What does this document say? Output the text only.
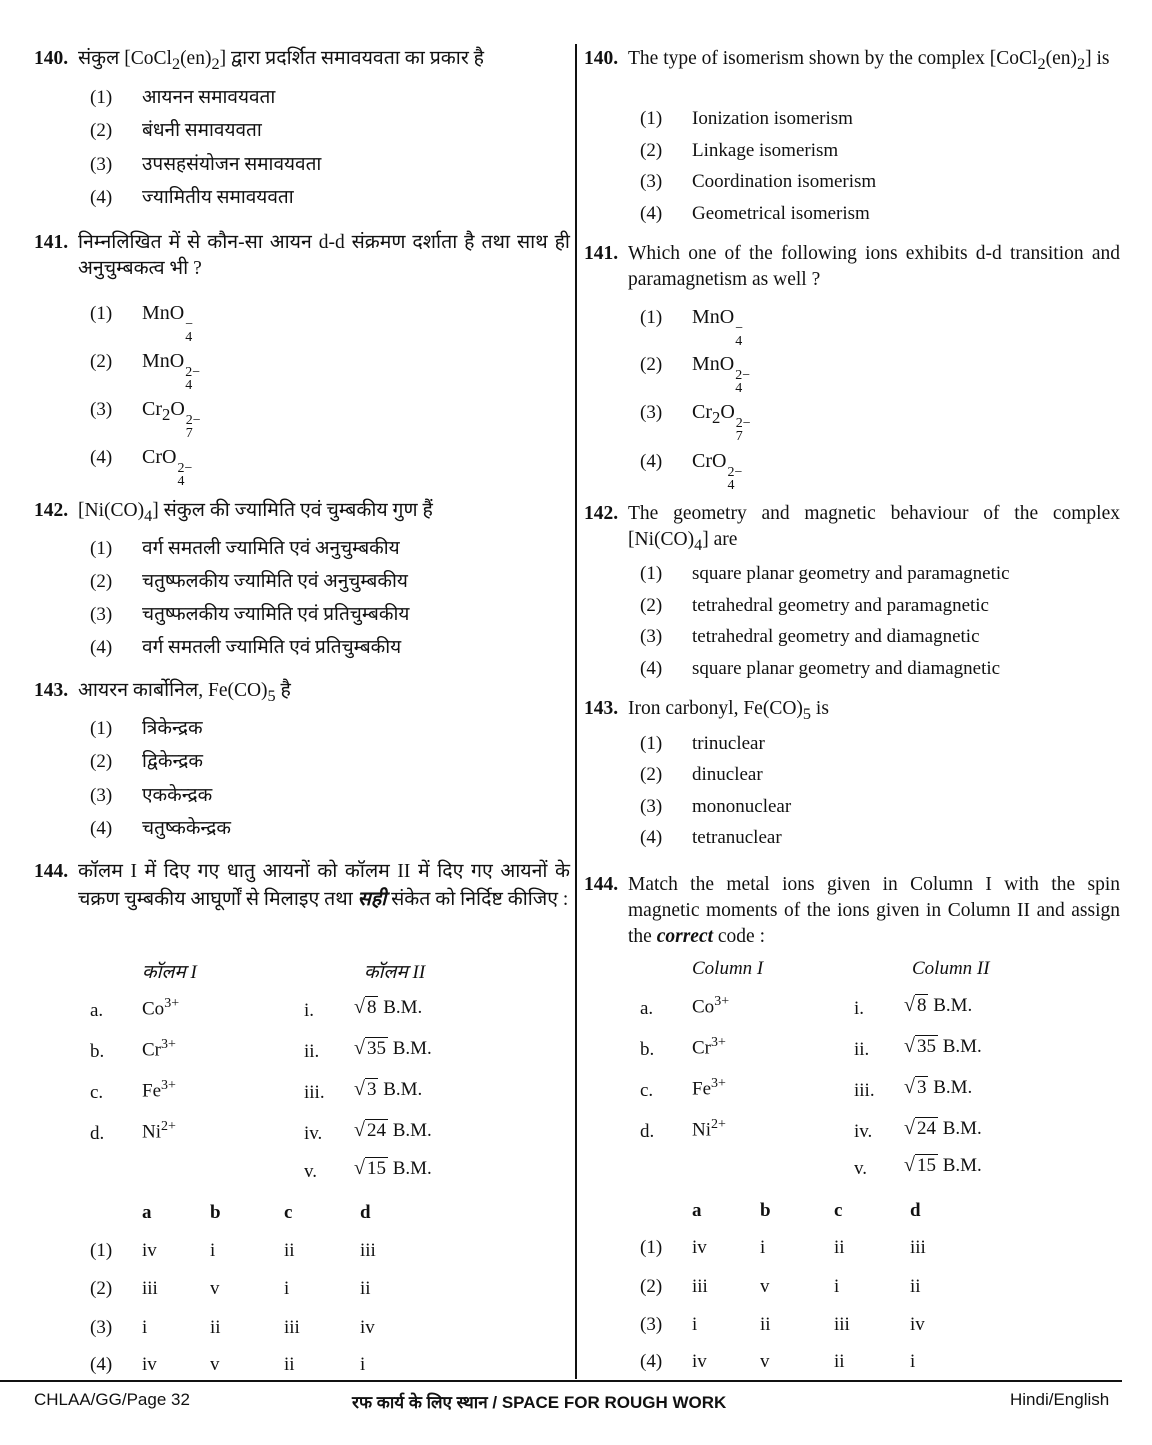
140. संकुल $[CoCl_2(en)_2]$ द्वारा प्रदर्शित समावयवता का प्रकार है
(1)	आयनन समावयवता
(2)	बंधनी समावयवता
(3)	उपसहसंयोजन समावयवता
(4)	ज्यामितीय समावयवता
141. निम्नलिखित में से कौन-सा आयन d-d संक्रमण दर्शाता है तथा साथ ही अनुचुम्बकत्व भी ?
(1)	MnO
−
4
(2)	MnO
2−
4
(3)	$Cr_2O$
2−
7
(4)	CrO
2−
4
142. $[Ni(CO)_4]$ संकुल की ज्यामिति एवं चुम्बकीय गुण हैं
(1)	वर्ग समतली ज्यामिति एवं अनुचुम्बकीय
(2)	चतुष्फलकीय ज्यामिति एवं अनुचुम्बकीय
(3)	चतुष्फलकीय ज्यामिति एवं प्रतिचुम्बकीय
(4)	वर्ग समतली ज्यामिति एवं प्रतिचुम्बकीय
143. आयरन कार्बोनिल, $Fe(CO)_5$ है
(1)	त्रिकेन्द्रक
(2)	द्विकेन्द्रक
(3)	एककेन्द्रक
(4)	चतुष्ककेन्द्रक
144. कॉलम I में दिए गए धातु आयनों को कॉलम II में दिए गए आयनों के चक्रण चुम्बकीय आघूर्णों से मिलाइए तथा सही संकेत को निर्दिष्ट कीजिए :
कॉलम I	कॉलम II
a. $Co^{3+}$	i. √ 8 B.M.
b. $Cr^{3+}$	ii. √ 35 B.M.
c. $Fe^{3+}$	iii. √ 3 B.M.
d. $Ni^{2+}$	iv. √ 24 B.M.
v. √ 15 B.M.
a	b	c	d
(1) iv	i	ii	iii
(2) iii	v	i	ii
(3) i	ii	iii	iv
(4) iv	v	ii	i
140. The type of isomerism shown by the complex $[CoCl_2(en)_2]$ is
(1)	Ionization isomerism
(2)	Linkage isomerism
(3)	Coordination isomerism
(4)	Geometrical isomerism
141. Which one of the following ions exhibits d-d transition and paramagnetism as well ?
(1)	MnO
−
4
(2)	MnO
2−
4
(3)	$Cr_2O$
2−
7
(4)	CrO
2−
4
142. The geometry and magnetic behaviour of the complex $[Ni(CO)_4]$ are
(1)	square planar geometry and paramagnetic
(2)	tetrahedral geometry and paramagnetic
(3)	tetrahedral geometry and diamagnetic
(4)	square planar geometry and diamagnetic
143. Iron carbonyl, $Fe(CO)_5$ is
(1)	trinuclear
(2)	dinuclear
(3)	mononuclear
(4)	tetranuclear
144. Match the metal ions given in Column I with the spin magnetic moments of the ions given in Column II and assign the correct code :
Column I	Column II
a. $Co^{3+}$	i. √ 8 B.M.
b. $Cr^{3+}$	ii. √ 35 B.M.
c. $Fe^{3+}$	iii. √ 3 B.M.
d. $Ni^{2+}$	iv. √ 24 B.M.
v. √ 15 B.M.
a	b	c	d
(1) iv	i	ii	iii
(2) iii	v	i	ii
(3) i	ii	iii	iv
(4) iv	v	ii	i
CHLAA/GG/Page 32	रफ कार्य के लिए स्थान / SPACE FOR ROUGH WORK	Hindi/English
